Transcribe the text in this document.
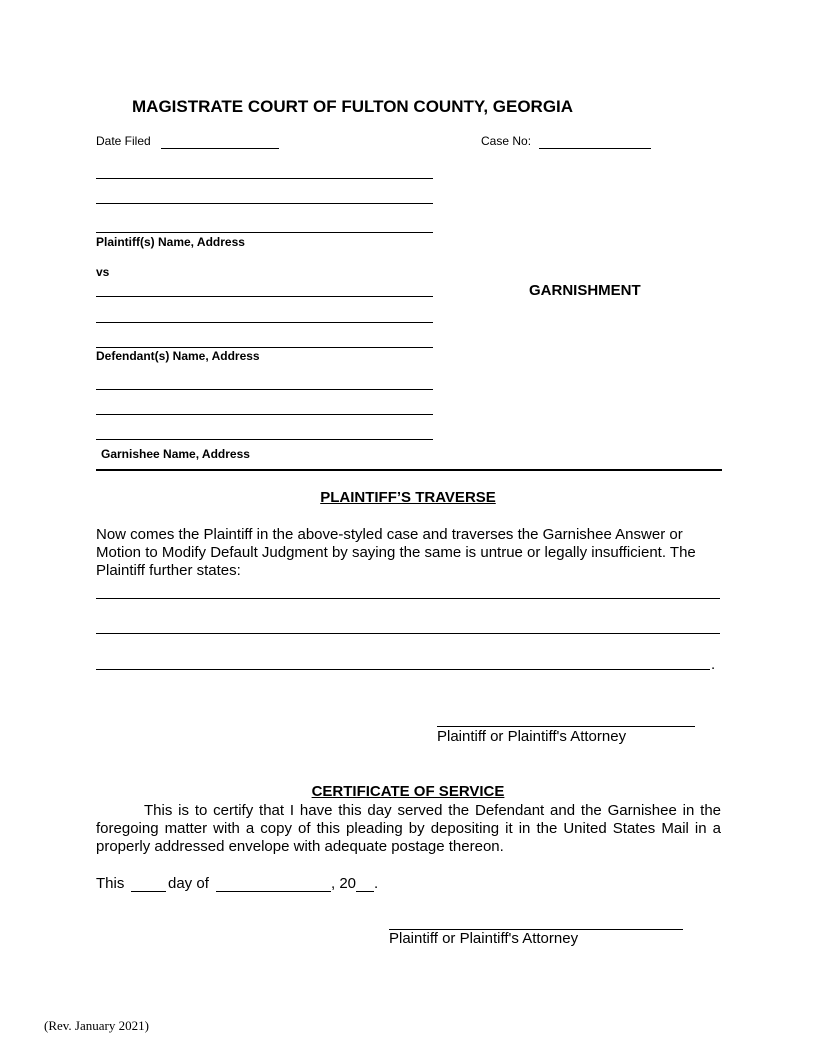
MAGISTRATE COURT OF FULTON COUNTY, GEORGIA
Date Filed	Case No:
Plaintiff(s) Name, Address
vs
Defendant(s) Name, Address
GARNISHMENT
Garnishee Name, Address
PLAINTIFF’S TRAVERSE
Now comes the Plaintiff in the above-styled case and traverses the Garnishee Answer or Motion to Modify Default Judgment by saying the same is untrue or legally insufficient. The Plaintiff further states:
.
Plaintiff or Plaintiff's Attorney
CERTIFICATE OF SERVICE
This is to certify that I have this day served the Defendant and the Garnishee in the foregoing matter with a copy of this pleading by depositing it in the United States Mail in a properly addressed envelope with adequate postage thereon.
This	day of	, 20 .
Plaintiff or Plaintiff's Attorney
(Rev. January 2021)
